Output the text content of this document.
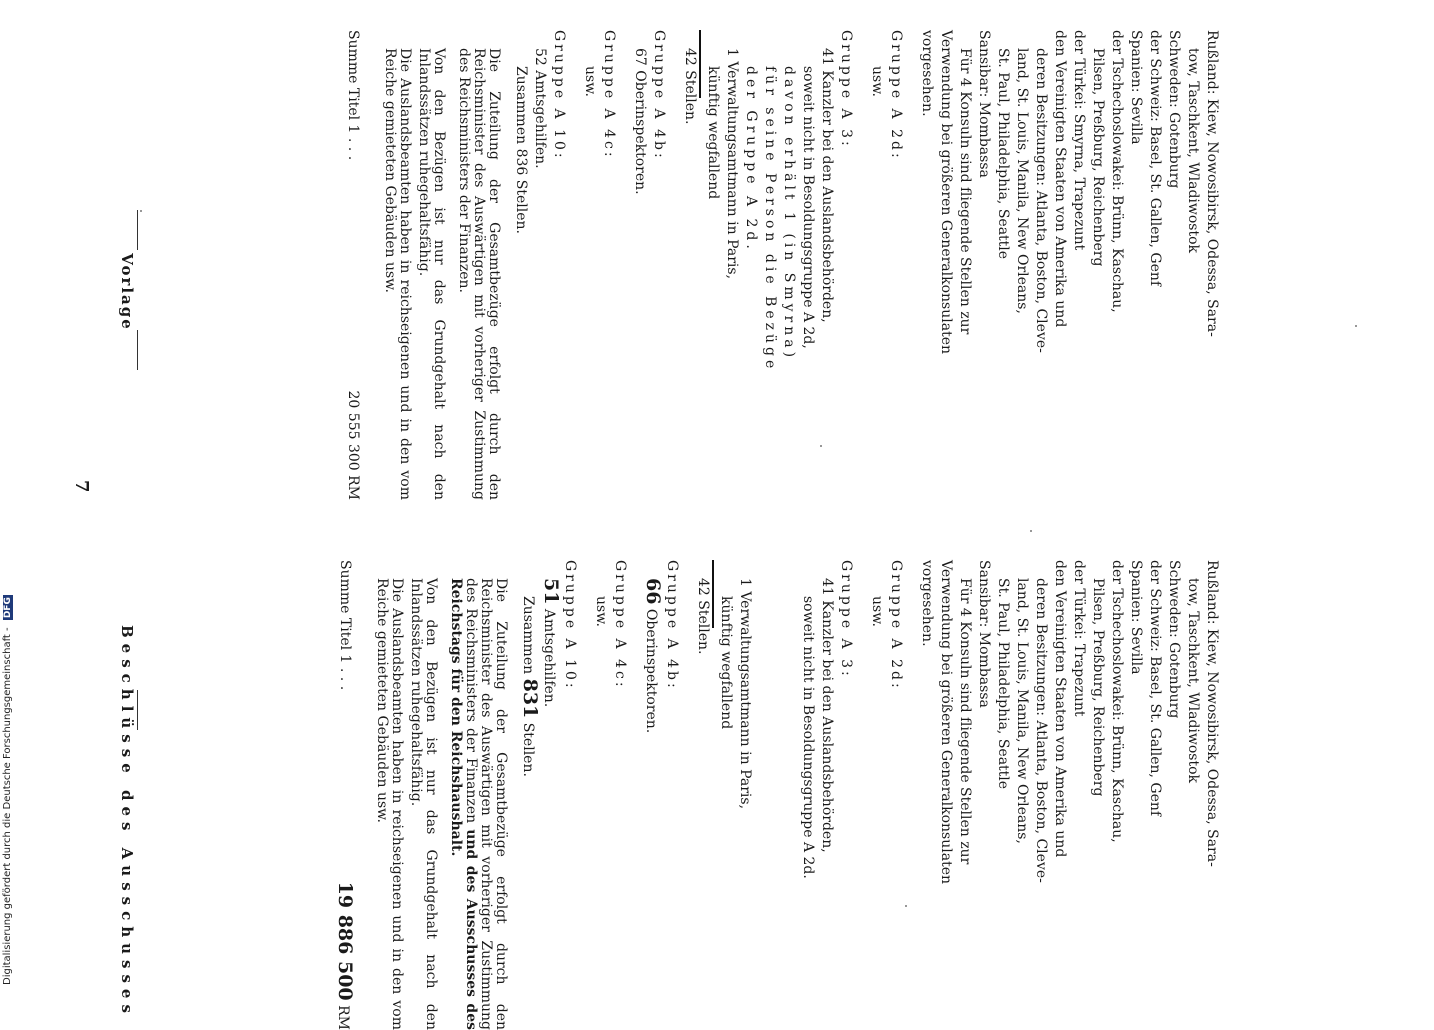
Vorlage
7
Beschlüsse des Ausschusses

Rußland: Kiew, Nowosibirsk, Odessa, Sara-

tow, Taschkent, Wladiwostok

Schweden: Gotenburg

der Schweiz: Basel, St. Gallen, Genf

Spanien: Sevilla

der Tschechoslowakei: Brünn, Kaschau,

Pilsen, Preßburg, Reichenberg

der Türkei: Smyrna, Trapezunt

den Vereinigten Staaten von Amerika und

deren Besitzungen: Atlanta, Boston, Cleve-

land, St. Louis, Manila, New Orleans,

St. Paul, Philadelphia, Seattle

Sansibar: Mombassa

Für 4 Konsuln sind fliegende Stellen zur

Verwendung bei größeren Generalkonsulaten

vorgesehen.

Gruppe A 2d:

usw.

Gruppe A 3:

41 Kanzler bei den Auslandsbehörden,

soweit nicht in Besoldungsgruppe A 2d,

davon erhält 1 (in Smyrna)

für seine Person die Bezüge

der Gruppe A 2d.

1 Verwaltungsamtmann in Paris,

künftig wegfallend

42 Stellen.

Gruppe A 4b:

67 Oberinspektoren.

Gruppe A 4c:

usw.

Gruppe A 10:

52 Amtsgehilfen.

Zusammen 836 Stellen.

Die Zuteilung der Gesamtbezüge erfolgt durch den Reichsminister des Auswärtigen mit vorheriger Zustimmung des Reichsministers der Finanzen.

Von den Bezügen ist nur das Grundgehalt nach den Inlandssätzen ruhegehaltsfähig.

Die Auslandsbeamten haben in reichseigenen und in den vom Reiche gemieteten Gebäuden usw.

Summe Titel 1 . . .
20 555 300 RM

Rußland: Kiew, Nowosibirsk, Odessa, Sara-

tow, Taschkent, Wladiwostok

Schweden: Gotenburg

der Schweiz: Basel, St. Gallen, Genf

Spanien: Sevilla

der Tschechoslowakei: Brünn, Kaschau,

Pilsen, Preßburg, Reichenberg

der Türkei: Trapezunt

den Vereinigten Staaten von Amerika und

deren Besitzungen: Atlanta, Boston, Cleve-

land, St. Louis, Manila, New Orleans,

St. Paul, Philadelphia, Seattle

Sansibar: Mombassa

Für 4 Konsuln sind fliegende Stellen zur

Verwendung bei größeren Generalkonsulaten

vorgesehen.

Gruppe A 2d:

usw.

Gruppe A 3:

41 Kanzler bei den Auslandsbehörden,

soweit nicht in Besoldungsgruppe A 2d.

1 Verwaltungsamtmann in Paris,

künftig wegfallend

42 Stellen.

Gruppe A 4b:

66 Oberinspektoren.

Gruppe A 4c:

usw.

Gruppe A 10:

51 Amtsgehilfen.

Zusammen 831 Stellen.

Die Zuteilung der Gesamtbezüge erfolgt durch den Reichsminister des Auswärtigen mit vorheriger Zustimmung des Reichsministers der Finanzen und des Ausschusses des Reichstags für den Reichshaushalt.

Von den Bezügen ist nur das Grundgehalt nach den Inlandssätzen ruhegehaltsfähig.

Die Auslandsbeamten haben in reichseigenen und in den vom Reiche gemieteten Gebäuden usw.

Summe Titel 1 . . .
19 886 500 RM

Digitalisierung gefördert durch die Deutsche Forschungsgemeinschaft - DFG
